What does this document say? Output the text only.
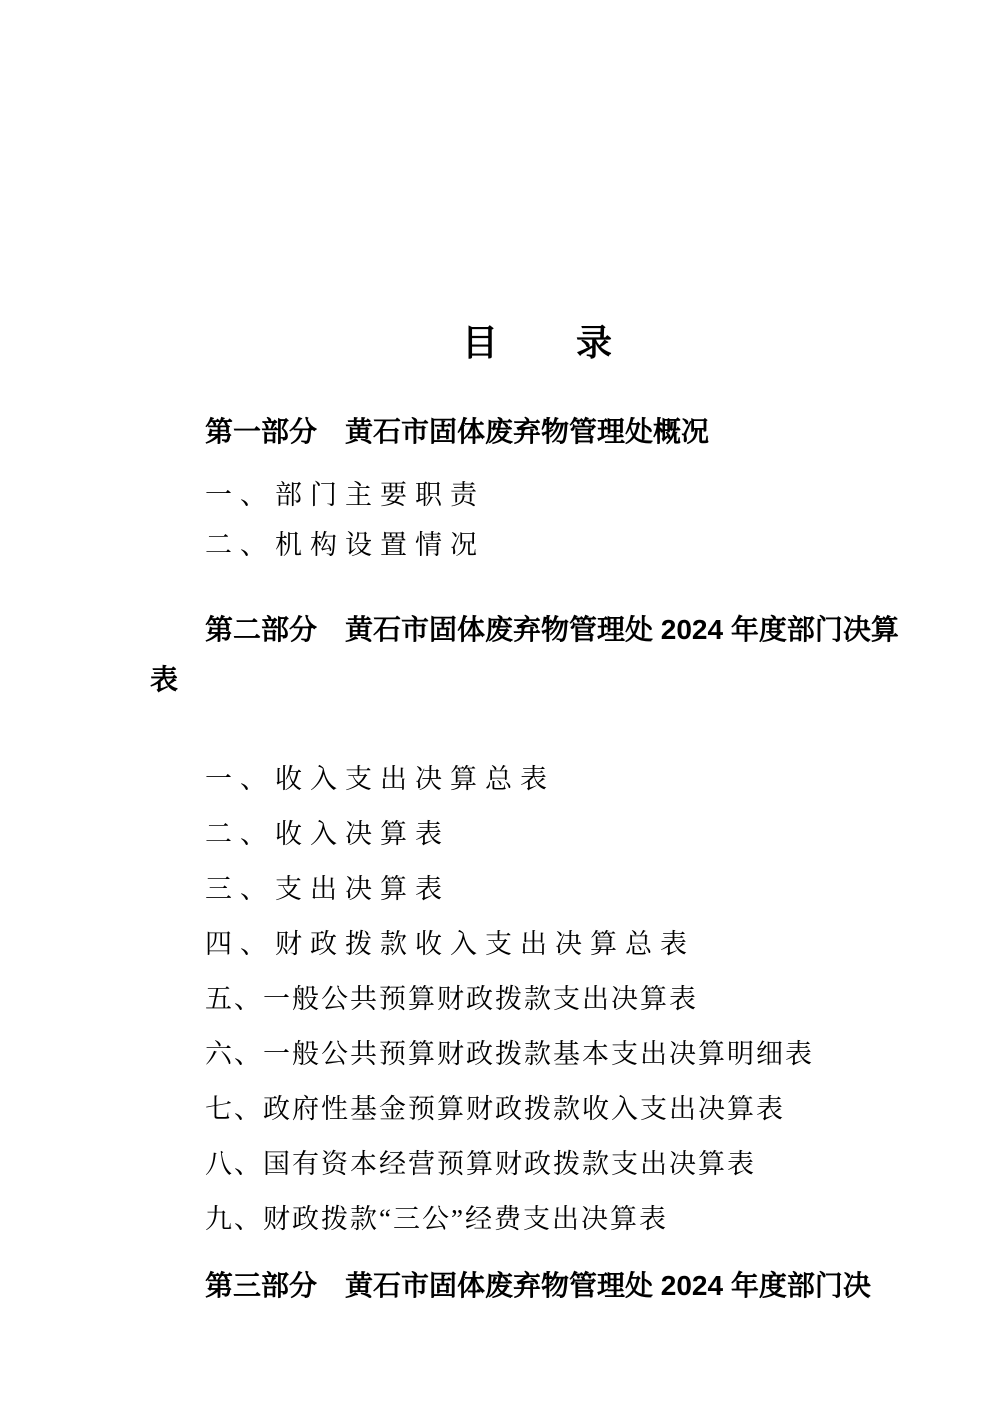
目　　录
第一部分　黄石市固体废弃物管理处概况

一、部门主要职责

二、机构设置情况

第二部分　黄石市固体废弃物管理处 2024 年度部门决算
表

一、收入支出决算总表

二、收入决算表

三、支出决算表

四、财政拨款收入支出决算总表

五、一般公共预算财政拨款支出决算表

六、一般公共预算财政拨款基本支出决算明细表

七、政府性基金预算财政拨款收入支出决算表

八、国有资本经营预算财政拨款支出决算表

九、财政拨款“三公”经费支出决算表

第三部分　黄石市固体废弃物管理处 2024 年度部门决
